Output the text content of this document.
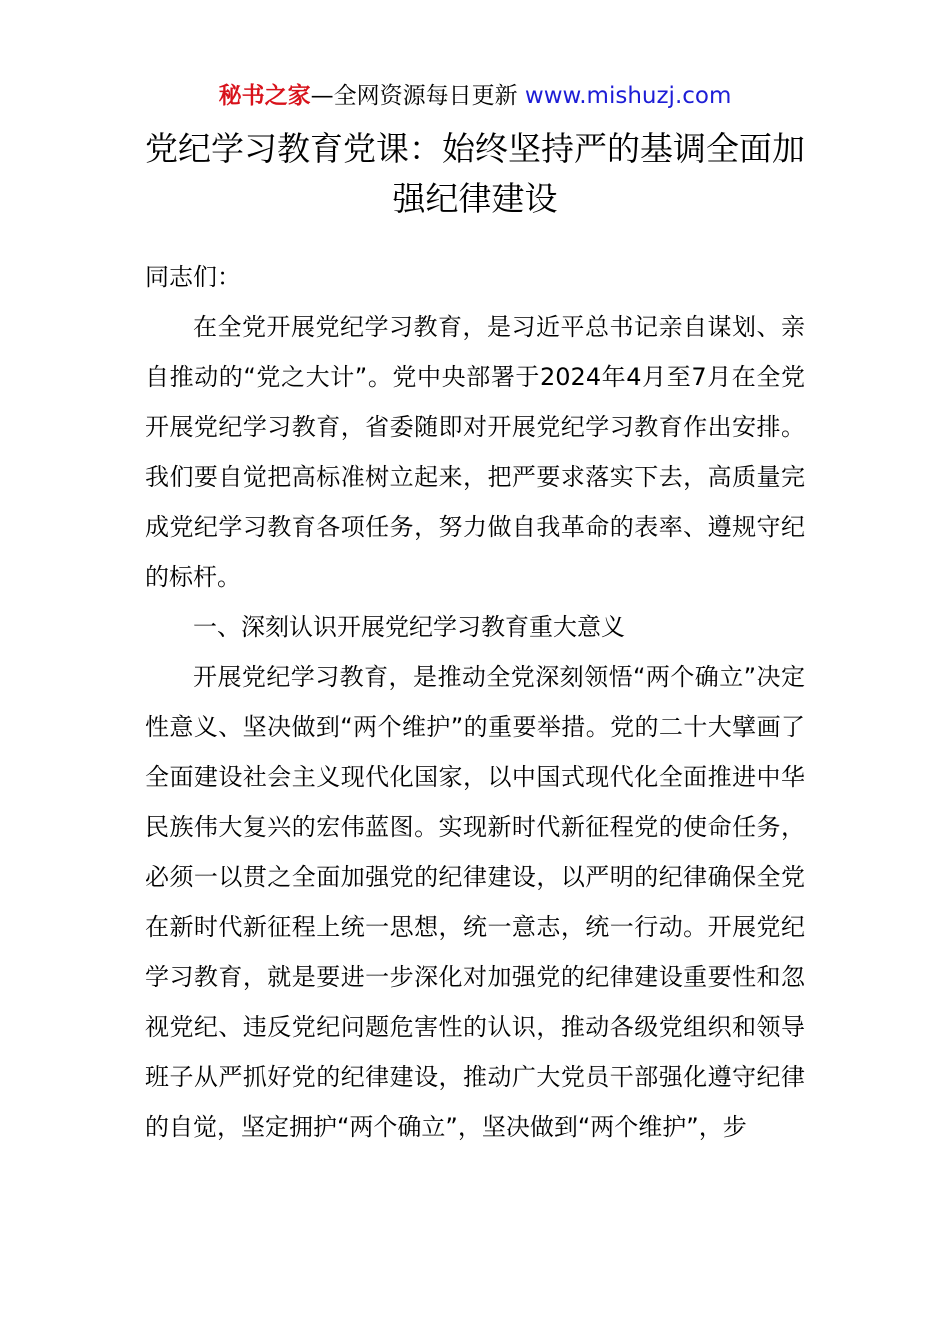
秘书之家—全网资源每日更新 www.mishuzj.com
党纪学习教育党课：始终坚持严的基调全面加强纪律建设

同志们：

在全党开展党纪学习教育，是习近平总书记亲自谋划、亲自推动的“党之大计”。党中央部署于2024年4月至7月在全党开展党纪学习教育，省委随即对开展党纪学习教育作出安排。我们要自觉把高标准树立起来，把严要求落实下去，高质量完成党纪学习教育各项任务，努力做自我革命的表率、遵规守纪的标杆。

一、深刻认识开展党纪学习教育重大意义

开展党纪学习教育，是推动全党深刻领悟“两个确立”决定性意义、坚决做到“两个维护”的重要举措。党的二十大擘画了全面建设社会主义现代化国家，以中国式现代化全面推进中华民族伟大复兴的宏伟蓝图。实现新时代新征程党的使命任务，必须一以贯之全面加强党的纪律建设，以严明的纪律确保全党在新时代新征程上统一思想，统一意志，统一行动。开展党纪学习教育，就是要进一步深化对加强党的纪律建设重要性和忽视党纪、违反党纪问题危害性的认识，推动各级党组织和领导班子从严抓好党的纪律建设，推动广大党员干部强化遵守纪律的自觉，坚定拥护“两个确立”，坚决做到“两个维护”，步
